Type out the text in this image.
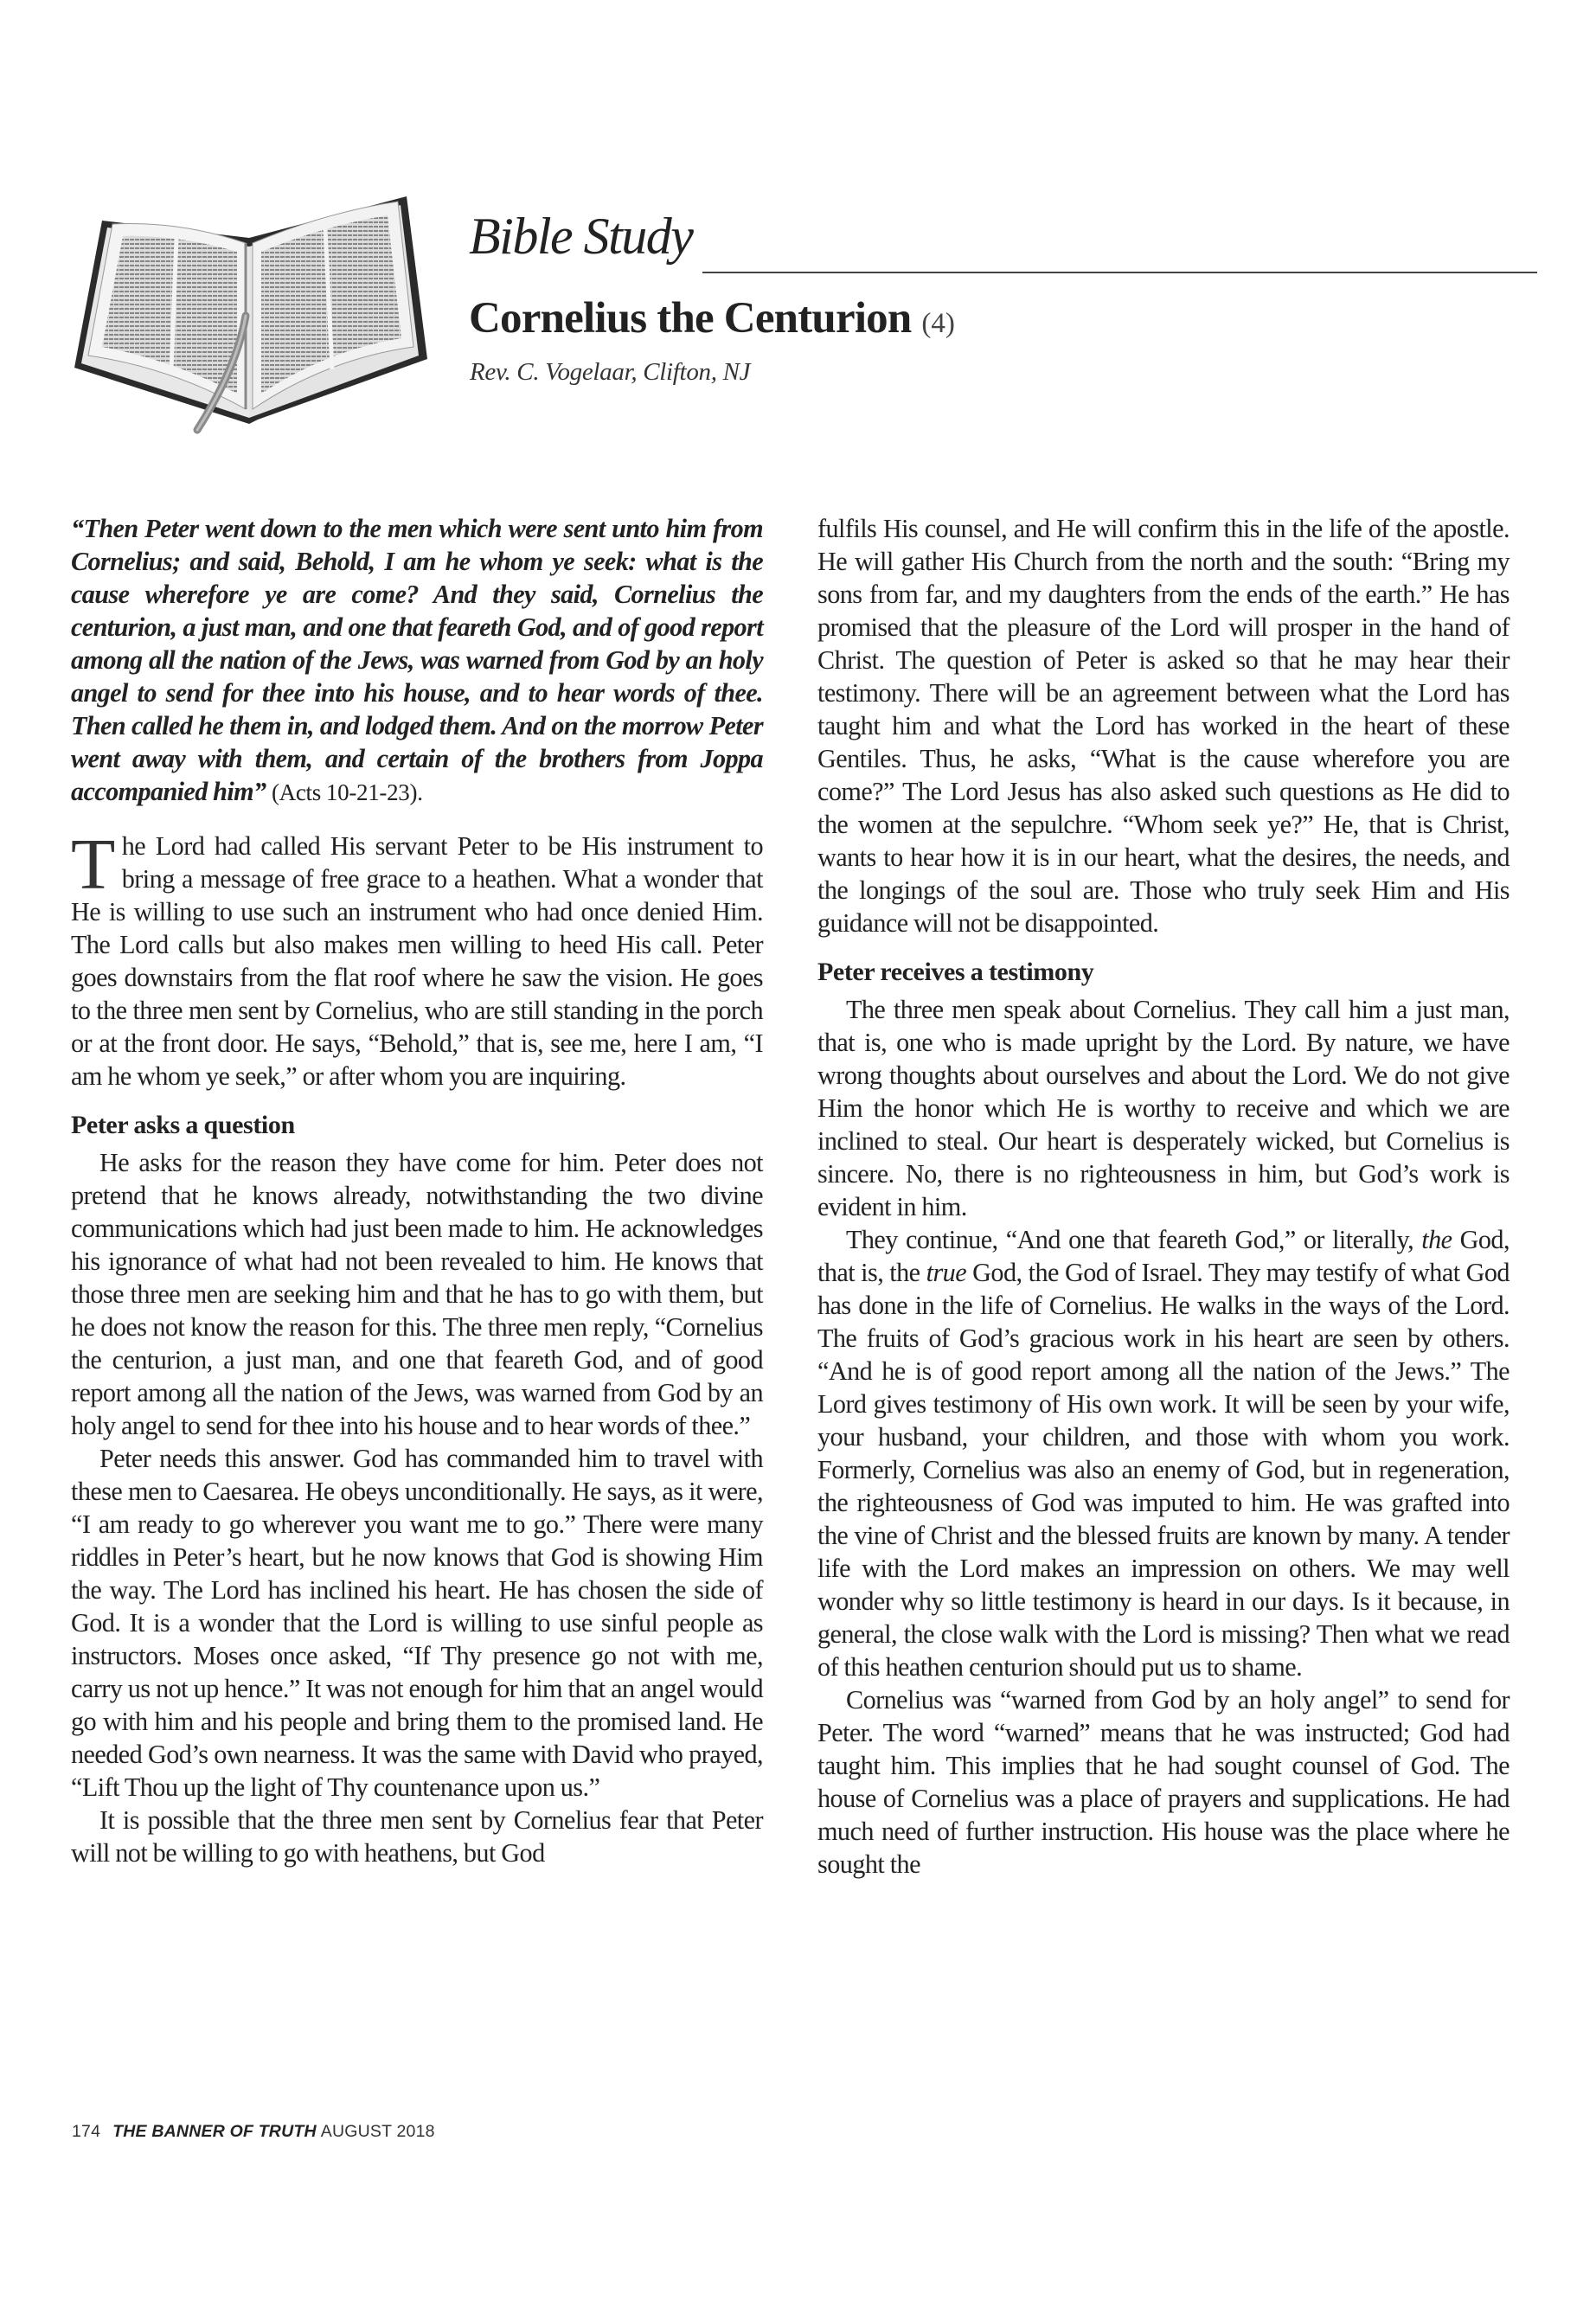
Bible Study
Cornelius the Centurion (4)

Rev. C. Vogelaar, Clifton, NJ

“Then Peter went down to the men which were sent unto him from Cornelius; and said, Behold, I am he whom ye seek: what is the cause wherefore ye are come? And they said, Cornelius the centurion, a just man, and one that feareth God, and of good report among all the nation of the Jews, was warned from God by an holy angel to send for thee into his house, and to hear words of thee. Then called he them in, and lodged them. And on the morrow Peter went away with them, and certain of the brothers from Joppa accompanied him” (Acts 10-21-23).

The Lord had called His servant Peter to be His instrument to bring a message of free grace to a heathen. What a wonder that He is willing to use such an instrument who had once denied Him. The Lord calls but also makes men willing to heed His call. Peter goes downstairs from the flat roof where he saw the vision. He goes to the three men sent by Cornelius, who are still standing in the porch or at the front door. He says, “Behold,” that is, see me, here I am, “I am he whom ye seek,” or after whom you are inquiring.

Peter asks a question

He asks for the reason they have come for him. Peter does not pretend that he knows already, notwithstanding the two divine communications which had just been made to him. He acknowledges his ignorance of what had not been revealed to him. He knows that those three men are seeking him and that he has to go with them, but he does not know the reason for this. The three men reply, “Cornelius the centurion, a just man, and one that feareth God, and of good report among all the nation of the Jews, was warned from God by an holy angel to send for thee into his house and to hear words of thee.”

Peter needs this answer. God has commanded him to travel with these men to Caesarea. He obeys unconditionally. He says, as it were, “I am ready to go wherever you want me to go.” There were many riddles in Peter’s heart, but he now knows that God is showing Him the way. The Lord has inclined his heart. He has chosen the side of God. It is a wonder that the Lord is willing to use sinful people as instructors. Moses once asked, “If Thy presence go not with me, carry us not up hence.” It was not enough for him that an angel would go with him and his people and bring them to the promised land. He needed God’s own nearness. It was the same with David who prayed, “Lift Thou up the light of Thy countenance upon us.”

It is possible that the three men sent by Cornelius fear that Peter will not be willing to go with heathens, but God

fulfils His counsel, and He will confirm this in the life of the apostle. He will gather His Church from the north and the south: “Bring my sons from far, and my daughters from the ends of the earth.” He has promised that the pleasure of the Lord will prosper in the hand of Christ. The question of Peter is asked so that he may hear their testimony. There will be an agreement between what the Lord has taught him and what the Lord has worked in the heart of these Gentiles. Thus, he asks, “What is the cause wherefore you are come?” The Lord Jesus has also asked such questions as He did to the women at the sepulchre. “Whom seek ye?” He, that is Christ, wants to hear how it is in our heart, what the desires, the needs, and the longings of the soul are. Those who truly seek Him and His guidance will not be disappointed.

Peter receives a testimony

The three men speak about Cornelius. They call him a just man, that is, one who is made upright by the Lord. By nature, we have wrong thoughts about ourselves and about the Lord. We do not give Him the honor which He is worthy to receive and which we are inclined to steal. Our heart is desperately wicked, but Cornelius is sincere. No, there is no righteousness in him, but God’s work is evident in him.

They continue, “And one that feareth God,” or literally, the God, that is, the true God, the God of Israel. They may testify of what God has done in the life of Cornelius. He walks in the ways of the Lord. The fruits of God’s gracious work in his heart are seen by others. “And he is of good report among all the nation of the Jews.” The Lord gives testimony of His own work. It will be seen by your wife, your husband, your children, and those with whom you work. Formerly, Cornelius was also an enemy of God, but in regeneration, the righteousness of God was imputed to him. He was grafted into the vine of Christ and the blessed fruits are known by many. A tender life with the Lord makes an impression on others. We may well wonder why so little testimony is heard in our days. Is it because, in general, the close walk with the Lord is missing? Then what we read of this heathen centurion should put us to shame.

Cornelius was “warned from God by an holy angel” to send for Peter. The word “warned” means that he was instructed; God had taught him. This implies that he had sought counsel of God. The house of Cornelius was a place of prayers and supplications. He had much need of further instruction. His house was the place where he sought the

174 THE BANNER OF TRUTH AUGUST 2018
